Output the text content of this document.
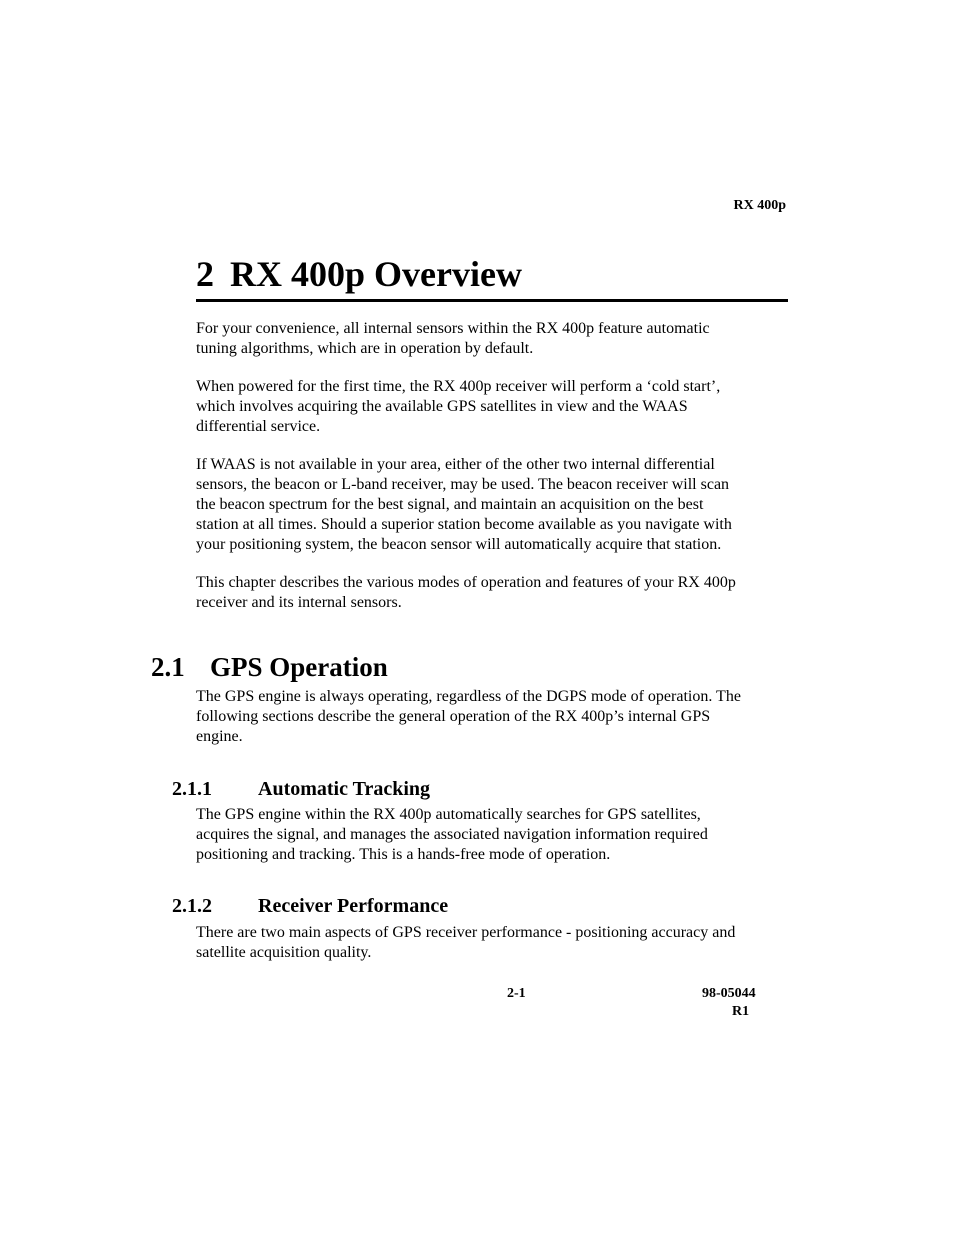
RX 400p
2 RX 400p Overview

For your convenience, all internal sensors within the RX 400p feature automatic
tuning algorithms, which are in operation by default.

When powered for the first time, the RX 400p receiver will perform a ‘cold start’,
which involves acquiring the available GPS satellites in view and the WAAS
differential service.

If WAAS is not available in your area, either of the other two internal differential
sensors, the beacon or L-band receiver, may be used. The beacon receiver will scan
the beacon spectrum for the best signal, and maintain an acquisition on the best
station at all times. Should a superior station become available as you navigate with
your positioning system, the beacon sensor will automatically acquire that station.

This chapter describes the various modes of operation and features of your RX 400p
receiver and its internal sensors.

2.1 GPS Operation

The GPS engine is always operating, regardless of the DGPS mode of operation. The
following sections describe the general operation of the RX 400p’s internal GPS
engine.

2.1.1 Automatic Tracking

The GPS engine within the RX 400p automatically searches for GPS satellites,
acquires the signal, and manages the associated navigation information required
positioning and tracking. This is a hands-free mode of operation.

2.1.2 Receiver Performance

There are two main aspects of GPS receiver performance - positioning accuracy and
satellite acquisition quality.

2-1	98-05044
R1
